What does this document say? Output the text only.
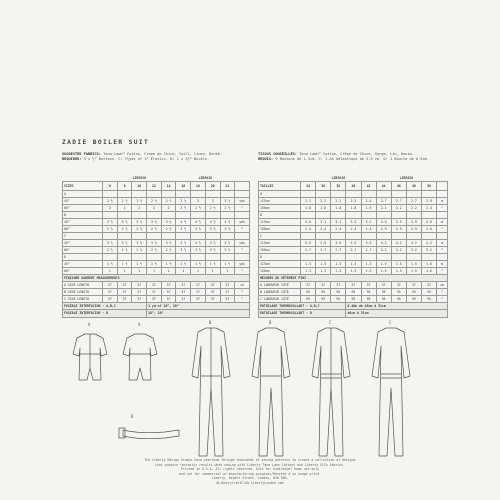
ZADIE BOILER SUIT
SUGGESTED FABRICS: Tana Lawn™ Cotton, Crepe de Chine, Twill, Linen, Denim.
REQUIRED: 9 x ½” Buttons. C: 1½yds of 1” Elastic. D: 1 x 2½” Buckle.
TISSUS CONSEILLÉS: Tana Lawn™ Cotton, Crêpe de Chine, Serge, Lin, Denim.
REQUIS: 9 Boutons de 1.3cm. C: 1.2m délastique de 2.5 cm. D: 1 Boucle de 6.5cm.
	LIB5026					LIB5028				
SIZES	6	8	10	12	14	16	18	20	22	
A										
45”	2 ½	2 ½	2 ½	2 ½	2 ½	2 ½	3	3	3 ½	yds
60”	2	2	2	2	2	2 ½	2 ½	2 ½	2 ½	”
B										
45”	3 ½	3 ½	3 ½	3 ½	3 ½	4 ½	4 ½	4 ½	4 ½	yds
60”	2 ½	2 ½	2 ½	2 ½	2 ½	3 ½	3 ½	3 ½	3 ½	”
C										
45”	3 ½	3 ½	3 ½	3 ½	3 ½	4 ½	4 ½	4 ½	4 ½	yds
60”	2 ½	2 ½	2 ½	2 ½	2 ½	3 ½	3 ½	3 ½	3 ½	”
D										
45”	1 ½	1 ½	1 ½	1 ½	1 ½	1 ½	1 ½	1 ½	1 ½	yds
60”	1	1	1	1	1	1	1	1	1	”
FINISHED GARMENT MEASUREMENTS										
A SIDE LENGTH	37	37	37	37	37	37	37	37	37	in
B SIDE LENGTH	37	37	37	37	37	37	37	37	37	”
C SIDE LENGTH	37	37	37	37	37	37	37	37	37	”
FUSIBLE INTERFACING - A,B,C				1 yd of 18”, 20”						
FUSIBLE INTERFACING - D				18”, 20”						
	LIB5026					LIB5028				
TAILLES	34	36	38	40	42	44	46	48	50	
A										
115cm	2.1	2.2	2.2	2.2	2.4	2.7	2.7	2.7	2.9	m
150cm	1.8	1.8	1.8	1.8	1.9	2.2	2.2	2.2	2.4	”
B										
115cm	3.0	3.1	3.1	3.2	3.2	3.9	3.9	3.9	4.0	m
150cm	2.4	2.4	2.4	2.4	2.4	2.9	2.9	2.9	3.0	”
C										
115cm	3.5	3.5	3.5	3.5	3.5	4.2	4.2	4.2	4.2	m
150cm	2.7	2.7	2.7	2.7	2.7	3.2	3.2	3.2	3.2	”
D										
115cm	1.3	1.3	1.3	1.3	1.3	1.5	1.5	1.5	1.6	m
150cm	1.3	1.3	1.3	1.3	1.3	1.5	1.5	1.5	1.6	”
MESURES DU VÊTEMENT FINI										
A LONGUEUR CÔTÉ	37	37	37	37	37	37	37	37	37	cm
B LONGUEUR CÔTÉ	95	95	95	95	95	95	95	95	95	”
C LONGUEUR CÔTÉ	95	95	95	95	95	95	95	95	95	”
ENTOILAGE THERMOCOLLANT - A,B,C				0.40m de 46cm à 51cm						
ENTOILAGE THERMOCOLLANT - D				46cm à 51cm						
A	A	B	B	C	C
D
The Liberty Design Studio have searched through thousands of sewing patterns to create a collection of designs
that produce fantastic results when sewing with Liberty Tana Lawn Cotton® and Liberty Silk fabrics.
Printed in U.S.A. All rights reserved. Sold for individual home use only
and not for commercial or manufacturing purposes/Réservé à un usage privé.
Liberty, Regent Street, London, W1B 5AH.
#LibertyCraftClub LibertyLondon.com
